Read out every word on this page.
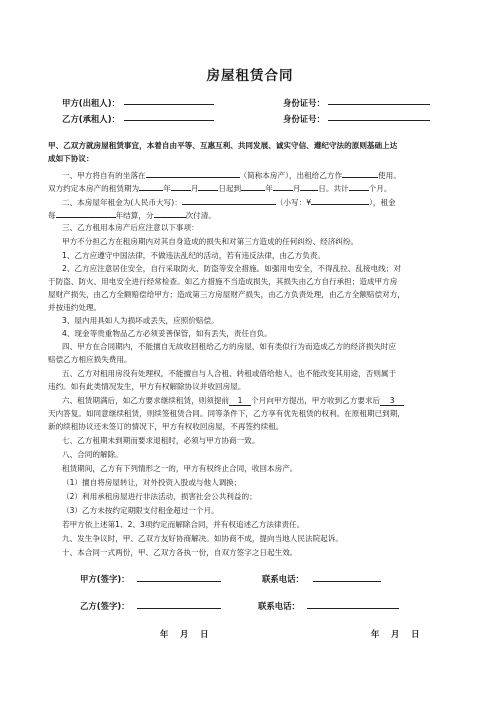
房屋租赁合同
甲方(出租人)：	身份证号：
乙方(承租人)：	身份证号：
甲、乙双方就房屋租赁事宜，本着自由平等、互惠互利、共同发展、诚实守信、遵纪守法的原则基础上达
成如下协议：
一、甲方将自有的坐落在	（简称本房产），出租给乙方作	使用。
双方约定本房产的租赁期为	年	月	日起到	年	月 日。共计	个月。
二、本房屋年租金为(人民币大写)：	（小写：¥	），租金
每	年结算，分	次付清。
三、乙方租用本房产后应注意以下事项：
甲方不分担乙方在租房期内对其自身造成的损失和对第三方造成的任何纠纷、经济纠纷。
1、乙方应遵守中国法律，不做违法乱纪的活动，若有违反法律，由乙方负责。
2、乙方应注意居住安全，自行采取防火、防盗等安全措施。如强用电安全，不得乱拉、乱接电线；对
于防盗、防火、用电安全进行经常检查。如乙方措施不当造成损失，其损失由乙方自行承担；造成甲方房
屋财产损失，由乙方全额赔偿给甲方；造成第三方房屋财产损失，由乙方负责处理，由乙方全额赔偿对方，
并按违约处理。
3、屋内用具如人为损坏或丢失，应照价赔偿。
4、现金等贵重物品乙方必须妥善保管，如有丢失，责任自负。
四、甲方在合同期内，不能擅自无故收回租给乙方的房屋，如有类似行为而造成乙方的经济损失时应
赔偿乙方相应损失费用。
五、乙方对租用房没有处理权，不能擅自与人合租、转租或借给他人，也不能改变其用途，否则属于
违约。如有此类情况发生，甲方有权解除协议并收回房屋。
六、租赁期满后，如乙方要求继续租赁，则须提前 1 个月向甲方提出，甲方收到乙方要求后 3
天内答复。如同意继续租赁，则续签租赁合同。同等条件下，乙方享有优先租赁的权利。在原租期已到期，
新的续租协议还未签订的情况下，甲方有权收回房屋，不再签约续租。
七、乙方租期未到期而要求退租时，必须与甲方协商一致。
八、合同的解除。
租赁期间，乙方有下列情形之一的，甲方有权终止合同，收回本房产。
（1）擅自将房屋转让，对外投资入股或与他人调换；
（2）利用承租房屋进行非法活动，损害社会公共利益的；
（3）乙方未按约定期限支付租金超过一个月。
若甲方依上述第1、2、3项约定而解除合同，并有权追述乙方法律责任。
九、发生争议时，甲、乙双方友好协商解决。如协商不成，提向当地人民法院起诉。
十、本合同一式两份，甲、乙双方各执一份，自双方签字之日起生效。
甲方(签字)：	联系电话：
乙方(签字)：	联系电话：
年    月    日	年    月    日
